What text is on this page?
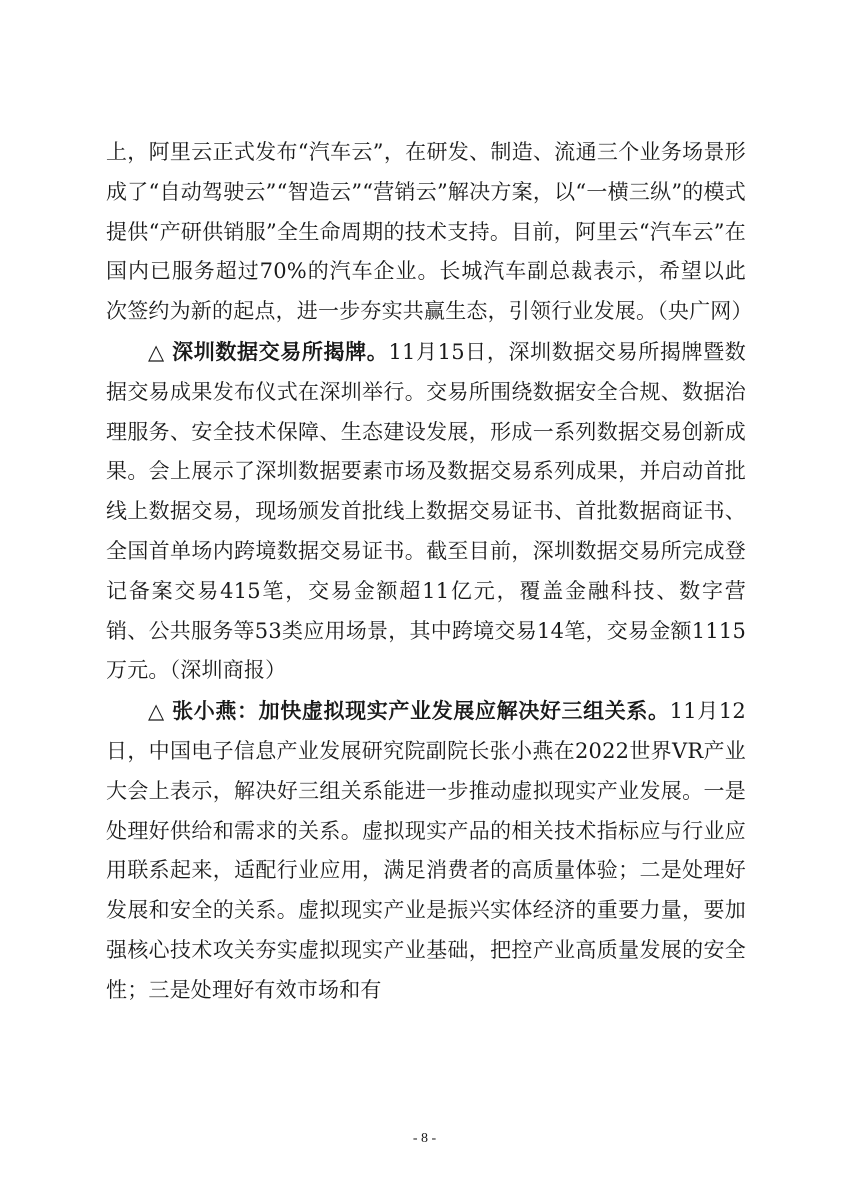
上，阿里云正式发布“汽车云”，在研发、制造、流通三个业务场景形成了“自动驾驶云”“智造云”“营销云”解决方案，以“一横三纵”的模式提供“产研供销服”全生命周期的技术支持。目前，阿里云“汽车云”在国内已服务超过70%的汽车企业。长城汽车副总裁表示，希望以此次签约为新的起点，进一步夯实共赢生态，引领行业发展。（央广网）

△ 深圳数据交易所揭牌。11月15日，深圳数据交易所揭牌暨数据交易成果发布仪式在深圳举行。交易所围绕数据安全合规、数据治理服务、安全技术保障、生态建设发展，形成一系列数据交易创新成果。会上展示了深圳数据要素市场及数据交易系列成果，并启动首批线上数据交易，现场颁发首批线上数据交易证书、首批数据商证书、全国首单场内跨境数据交易证书。截至目前，深圳数据交易所完成登记备案交易415笔，交易金额超11亿元，覆盖金融科技、数字营销、公共服务等53类应用场景，其中跨境交易14笔，交易金额1115万元。（深圳商报）

△ 张小燕：加快虚拟现实产业发展应解决好三组关系。11月12日，中国电子信息产业发展研究院副院长张小燕在2022世界VR产业大会上表示，解决好三组关系能进一步推动虚拟现实产业发展。一是处理好供给和需求的关系。虚拟现实产品的相关技术指标应与行业应用联系起来，适配行业应用，满足消费者的高质量体验；二是处理好发展和安全的关系。虚拟现实产业是振兴实体经济的重要力量，要加强核心技术攻关夯实虚拟现实产业基础，把控产业高质量发展的安全性；三是处理好有效市场和有

- 8 -
